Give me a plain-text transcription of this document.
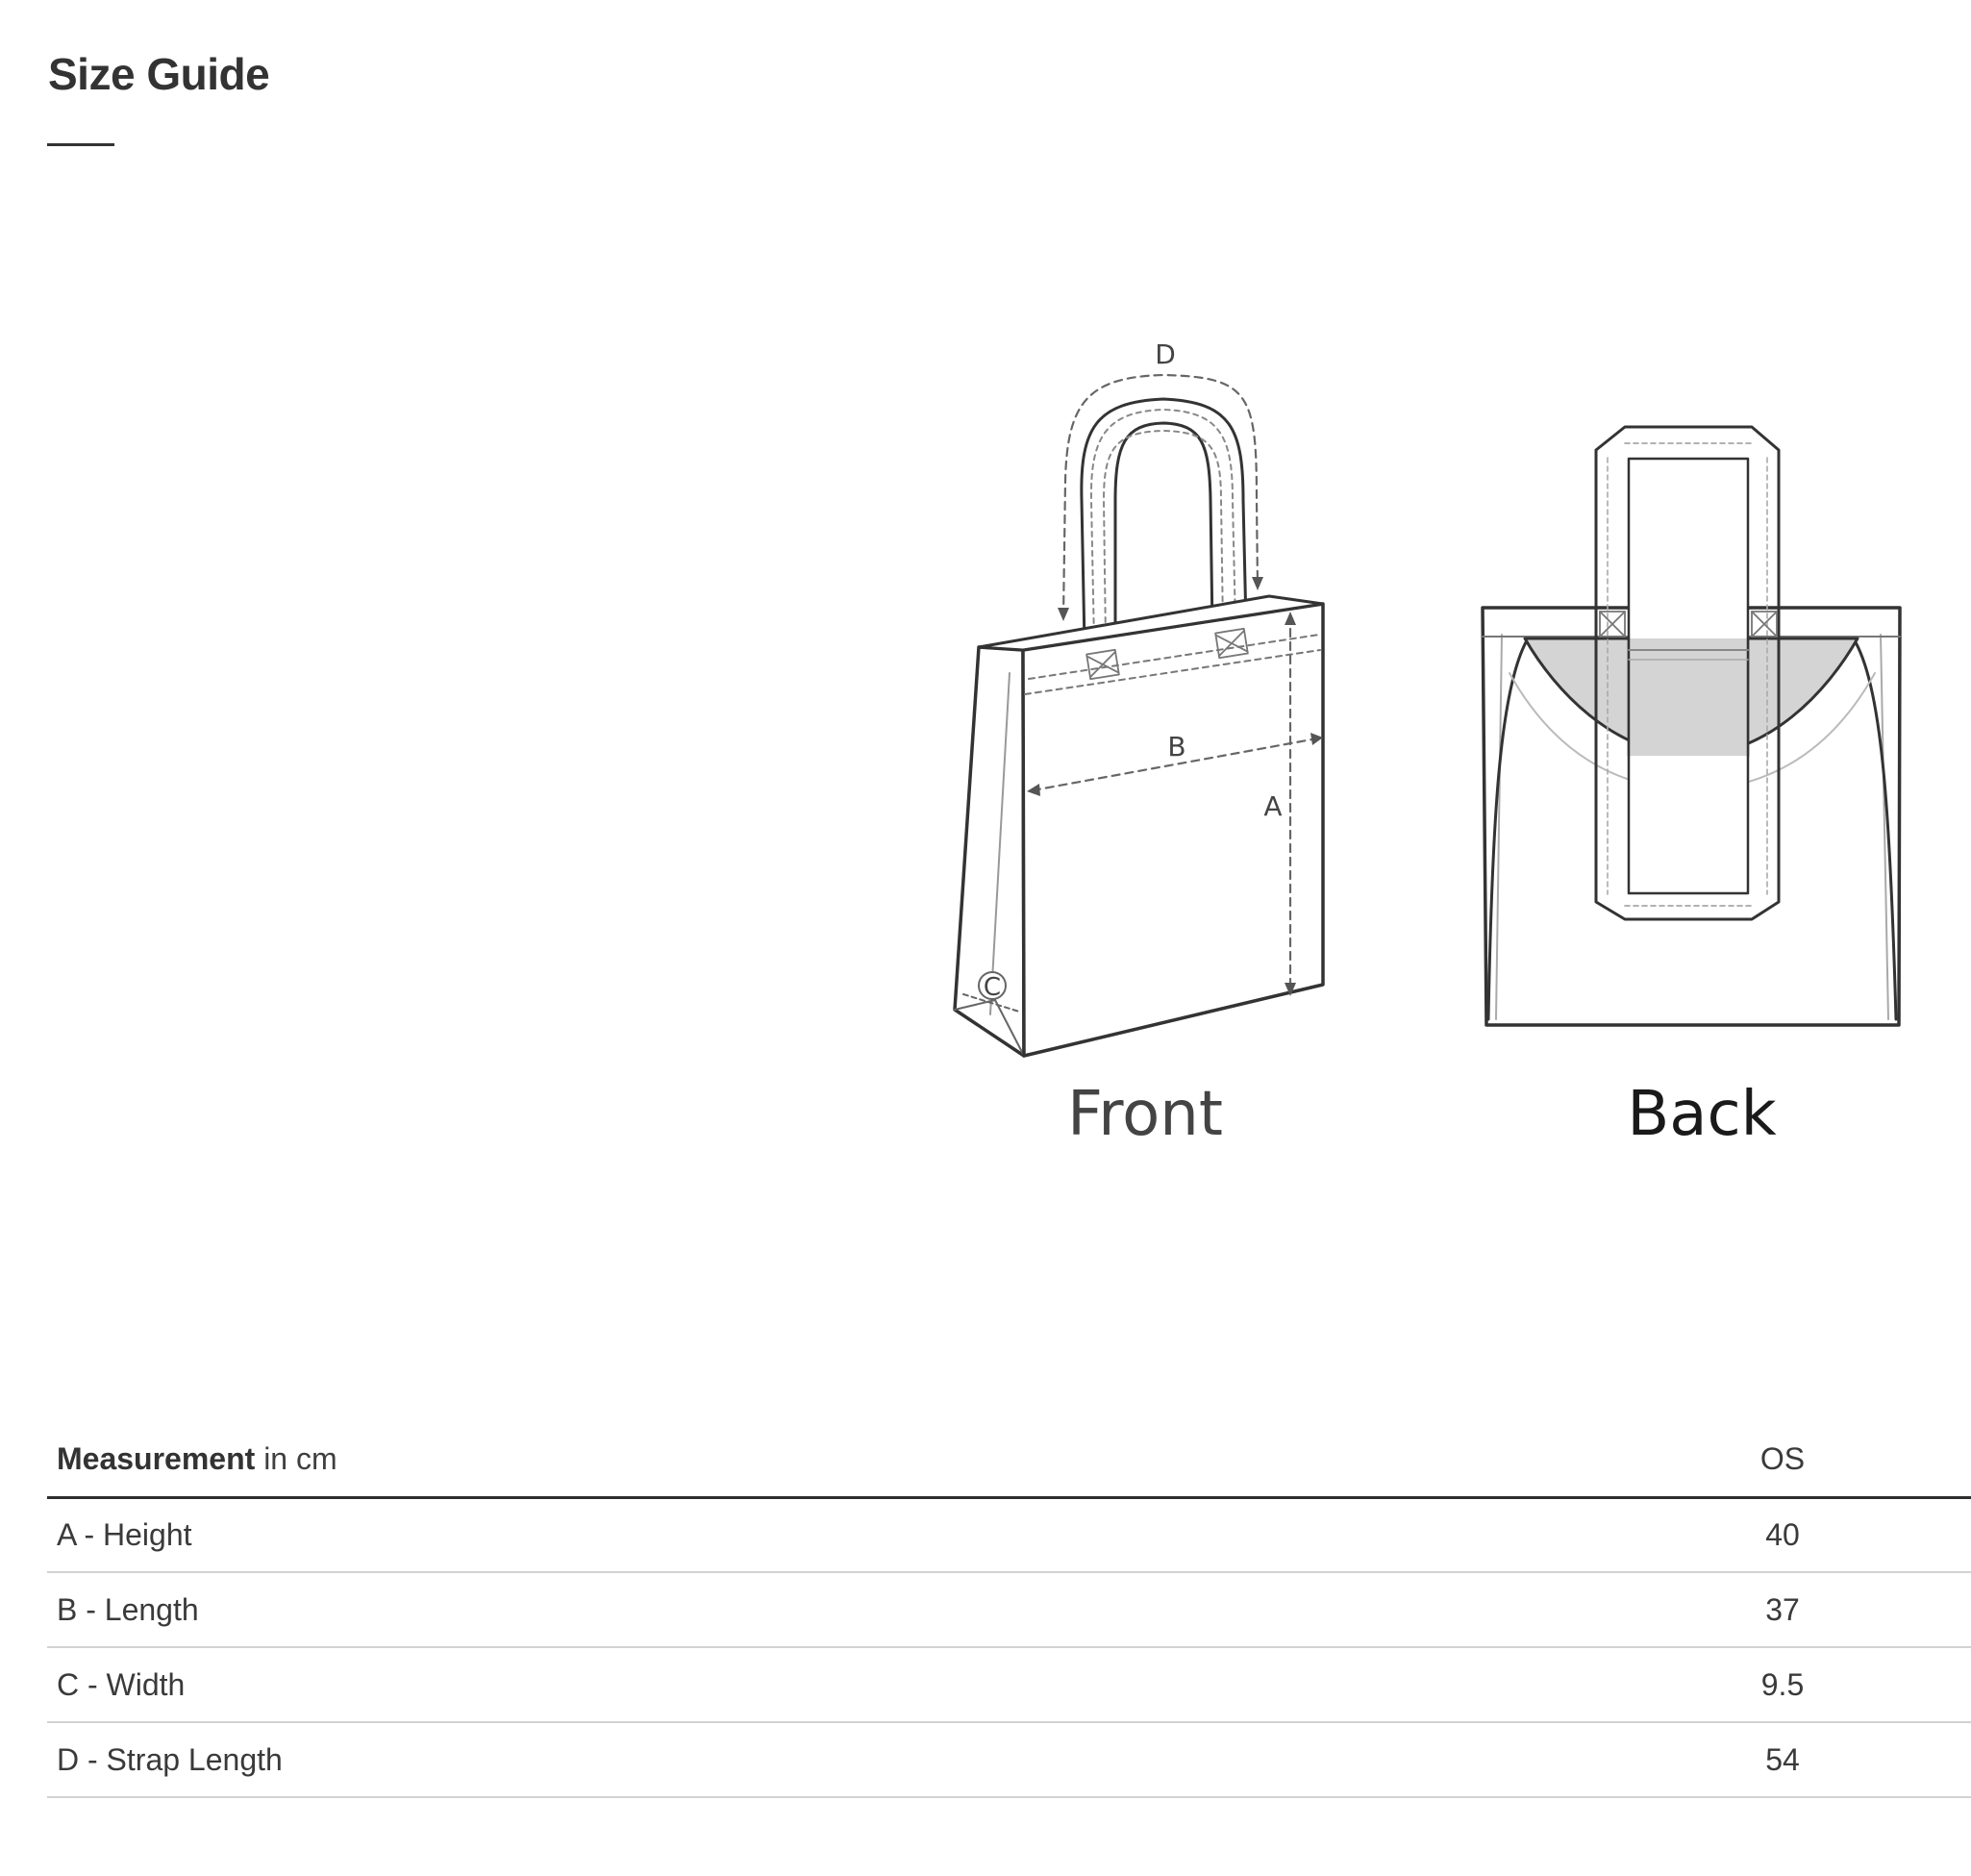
Size Guide
D
B
A
C
Front	Back
Measurement in cm	OS
A - Height	40
B - Length	37
C - Width	9.5
D - Strap Length	54
